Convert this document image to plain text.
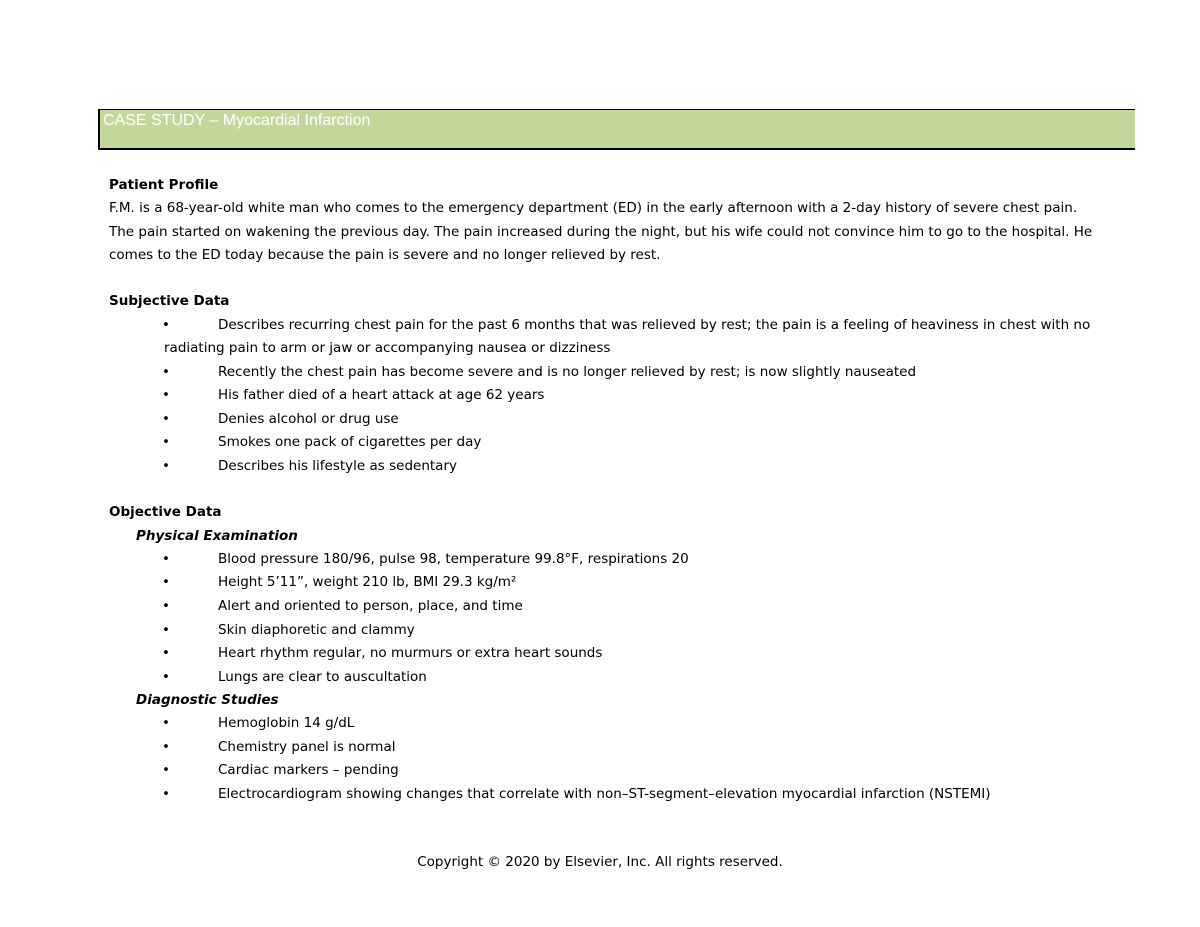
CASE STUDY – Myocardial Infarction
Patient Profile
F.M. is a 68-year-old white man who comes to the emergency department (ED) in the early afternoon with a 2-day history of severe chest pain.
The pain started on wakening the previous day. The pain increased during the night, but his wife could not convince him to go to the hospital. He
comes to the ED today because the pain is severe and no longer relieved by rest.
Subjective Data
•	Describes recurring chest pain for the past 6 months that was relieved by rest; the pain is a feeling of heaviness in chest with no
radiating pain to arm or jaw or accompanying nausea or dizziness
•	Recently the chest pain has become severe and is no longer relieved by rest; is now slightly nauseated
•	His father died of a heart attack at age 62 years
•	Denies alcohol or drug use
•	Smokes one pack of cigarettes per day
•	Describes his lifestyle as sedentary
Objective Data
Physical Examination
•	Blood pressure 180/96, pulse 98, temperature 99.8°F, respirations 20
•	Height 5’11”, weight 210 lb, BMI 29.3 kg/m²
•	Alert and oriented to person, place, and time
•	Skin diaphoretic and clammy
•	Heart rhythm regular, no murmurs or extra heart sounds
•	Lungs are clear to auscultation
Diagnostic Studies
•	Hemoglobin 14 g/dL
•	Chemistry panel is normal
•	Cardiac markers – pending
•	Electrocardiogram showing changes that correlate with non–ST-segment–elevation myocardial infarction (NSTEMI)
Copyright © 2020 by Elsevier, Inc. All rights reserved.
